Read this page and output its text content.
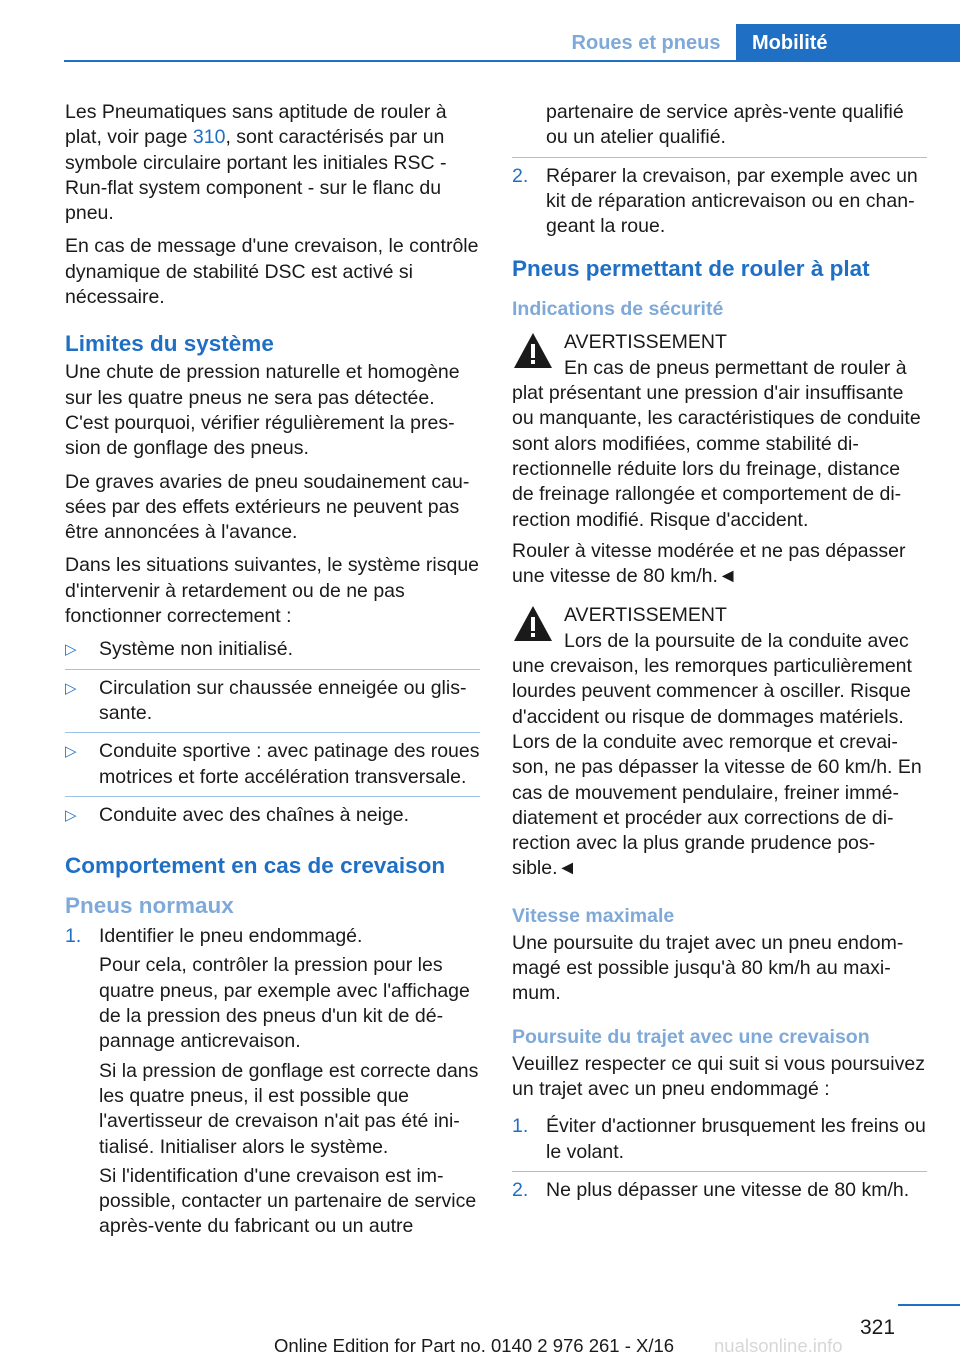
Roues et pneus	Mobilité

Les Pneumatiques sans aptitude de rouler à plat, voir page 310, sont caractérisés par un symbole circulaire portant les initiales RSC - Run-flat system component - sur le flanc du pneu.

En cas de message d'une crevaison, le contrôle dynamique de stabilité DSC est activé si nécessaire.

Limites du système

Une chute de pression naturelle et homogène sur les quatre pneus ne sera pas détectée. C'est pourquoi, vérifier régulièrement la pression de gonflage des pneus.

De graves avaries de pneu soudainement causées par des effets extérieurs ne peuvent pas être annoncées à l'avance.

Dans les situations suivantes, le système risque d'intervenir à retardement ou de ne pas fonctionner correctement :

▷ Système non initialisé.
▷ Circulation sur chaussée enneigée ou glissante.
▷ Conduite sportive : avec patinage des roues motrices et forte accélération transversale.
▷ Conduite avec des chaînes à neige.
Comportement en cas de crevaison
Pneus normaux
1. Identifier le pneu endommagé.

Pour cela, contrôler la pression pour les quatre pneus, par exemple avec l'affichage de la pression des pneus d'un kit de dépannage anticrevaison.

Si la pression de gonflage est correcte dans les quatre pneus, il est possible que l'avertisseur de crevaison n'ait pas été initialisé. Initialiser alors le système.

Si l'identification d'une crevaison est impossible, contacter un partenaire de service après-vente du fabricant ou un autre

partenaire de service après-vente qualifié ou un atelier qualifié.
2. Réparer la crevaison, par exemple avec un kit de réparation anticrevaison ou en changeant la roue.
Pneus permettant de rouler à plat
Indications de sécurité
AVERTISSEMENT
En cas de pneus permettant de rouler à plat présentant une pression d'air insuffisante ou manquante, les caractéristiques de conduite sont alors modifiées, comme stabilité directionnelle réduite lors du freinage, distance de freinage rallongée et comportement de direction modifié. Risque d'accident.

Rouler à vitesse modérée et ne pas dépasser une vitesse de 80 km/h.◄

AVERTISSEMENT
Lors de la poursuite de la conduite avec une crevaison, les remorques particulièrement lourdes peuvent commencer à osciller. Risque d'accident ou risque de dommages matériels. Lors de la conduite avec remorque et crevaison, ne pas dépasser la vitesse de 60 km/h. En cas de mouvement pendulaire, freiner immédiatement et procéder aux corrections de direction avec la plus grande prudence possible.◄
Vitesse maximale

Une poursuite du trajet avec un pneu endommagé est possible jusqu'à 80 km/h au maximum.

Poursuite du trajet avec une crevaison

Veuillez respecter ce qui suit si vous poursuivez un trajet avec un pneu endommagé :

1. Éviter d'actionner brusquement les freins ou le volant.
2. Ne plus dépasser une vitesse de 80 km/h.
321
Online Edition for Part no. 0140 2 976 261 - X/16 nualsonline.info
